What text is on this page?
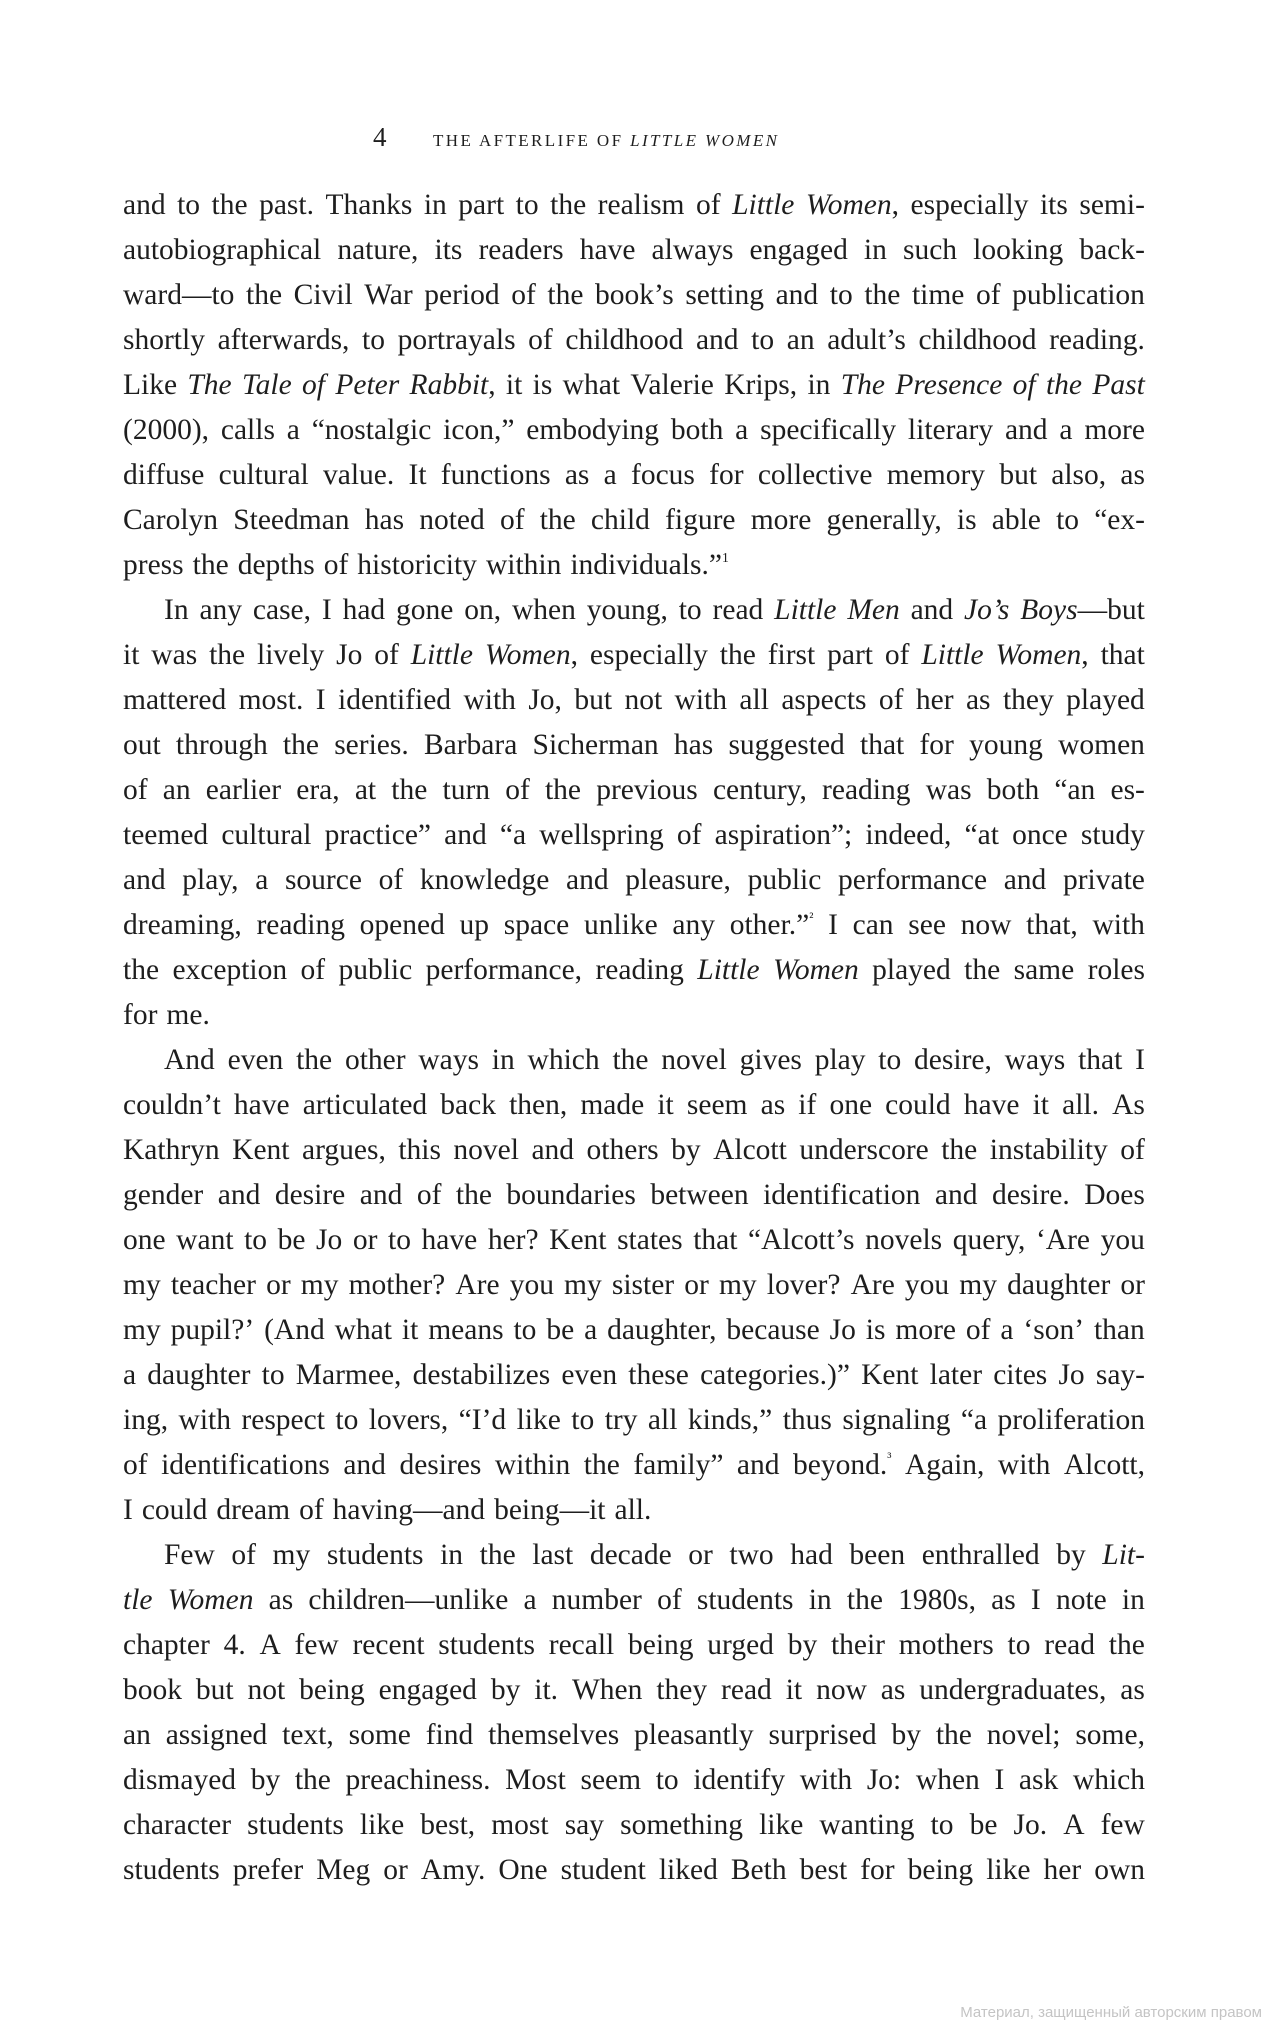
4	THE AFTERLIFE OF LITTLE WOMEN
and to the past. Thanks in part to the realism of Little Women, especially its semi-
autobiographical nature, its readers have always engaged in such looking back-
ward—to the Civil War period of the book’s setting and to the time of publication
shortly afterwards, to portrayals of childhood and to an adult’s childhood reading.
Like The Tale of Peter Rabbit, it is what Valerie Krips, in The Presence of the Past
(2000), calls a “nostalgic icon,” embodying both a specifically literary and a more
diffuse cultural value. It functions as a focus for collective memory but also, as
Carolyn Steedman has noted of the child figure more generally, is able to “ex-
press the depths of historicity within individuals.”$^1$
In any case, I had gone on, when young, to read Little Men and Jo’s Boys—but
it was the lively Jo of Little Women, especially the first part of Little Women, that
mattered most. I identified with Jo, but not with all aspects of her as they played
out through the series. Barbara Sicherman has suggested that for young women
of an earlier era, at the turn of the previous century, reading was both “an es-
teemed cultural practice” and “a wellspring of aspiration”; indeed, “at once study
and play, a source of knowledge and pleasure, public performance and private
dreaming, reading opened up space unlike any other.”$^{^2}$ I can see now that, with
the exception of public performance, reading Little Women played the same roles
for me.
And even the other ways in which the novel gives play to desire, ways that I
couldn’t have articulated back then, made it seem as if one could have it all. As
Kathryn Kent argues, this novel and others by Alcott underscore the instability of
gender and desire and of the boundaries between identification and desire. Does
one want to be Jo or to have her? Kent states that “Alcott’s novels query, ‘Are you
my teacher or my mother? Are you my sister or my lover? Are you my daughter or
my pupil?’ (And what it means to be a daughter, because Jo is more of a ‘son’ than
a daughter to Marmee, destabilizes even these categories.)” Kent later cites Jo say-
ing, with respect to lovers, “I’d like to try all kinds,” thus signaling “a proliferation
of identifications and desires within the family” and beyond.$^{^3}$ Again, with Alcott,
I could dream of having—and being—it all.
Few of my students in the last decade or two had been enthralled by Lit-
tle Women as children—unlike a number of students in the 1980s, as I note in
chapter 4. A few recent students recall being urged by their mothers to read the
book but not being engaged by it. When they read it now as undergraduates, as
an assigned text, some find themselves pleasantly surprised by the novel; some,
dismayed by the preachiness. Most seem to identify with Jo: when I ask which
character students like best, most say something like wanting to be Jo. A few
students prefer Meg or Amy. One student liked Beth best for being like her own
Материал, защищенный авторским правом
